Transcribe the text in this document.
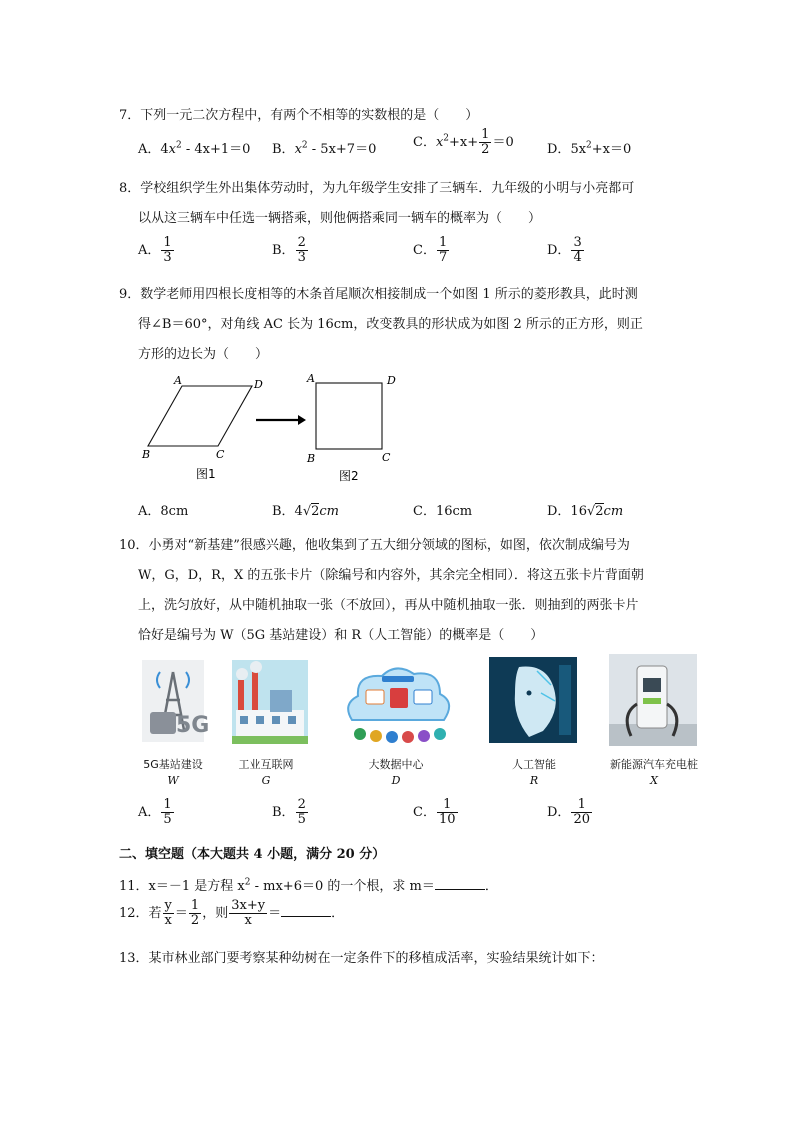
7．下列一元二次方程中，有两个不相等的实数根的是（　　）
A．$4x^2 - 4x+1=0$ B．$x^2 - 5x+7=0$	C．$x^2+x+ \frac{1}{2} =0$	D．$5x^2+x=0$
8．学校组织学生外出集体劳动时，为九年级学生安排了三辆车．九年级的小明与小亮都可
以从这三辆车中任选一辆搭乘，则他俩搭乘同一辆车的概率为（　　）
A． $\frac{1}{3}$	B． $\frac{2}{3}$	C． $\frac{1}{7}$	D． $\frac{3}{4}$
9．数学老师用四根长度相等的木条首尾顺次相接制成一个如图 1 所示的菱形教具，此时测
得∠B＝60°，对角线 AC 长为 16cm，改变教具的形状成为如图 2 所示的正方形，则正
方形的边长为（　　）
A	D
B	C
图1
A	D
B	C
图2
A．8cm	B．4√2cm	C．16cm	D．16√2cm
10．小勇对“新基建”很感兴趣，他收集到了五大细分领域的图标，如图，依次制成编号为
W，G，D，R，X 的五张卡片（除编号和内容外，其余完全相同）．将这五张卡片背面朝
上，洗匀放好，从中随机抽取一张（不放回），再从中随机抽取一张．则抽到的两张卡片
恰好是编号为 W（5G 基站建设）和 R（人工智能）的概率是（　　）
5G
5G基站建设
W
工业互联网
G
大数据中心
D
人工智能
R
新能源汽车充电桩
X
A． $\frac{1}{5}$	B． $\frac{2}{5}$	C． $\frac{1}{10}$	D． $\frac{1}{20}$
二、填空题（本大题共 4 小题，满分 20 分）
11．x＝－1 是方程 $x^2 - mx+6=0$ 的一个根，求 m＝	．
12．若 $\frac{y}{x} = \frac{1}{2}$ ，则 $\frac{3x+y}{x}$ ＝	．
13．某市林业部门要考察某种幼树在一定条件下的移植成活率，实验结果统计如下：
